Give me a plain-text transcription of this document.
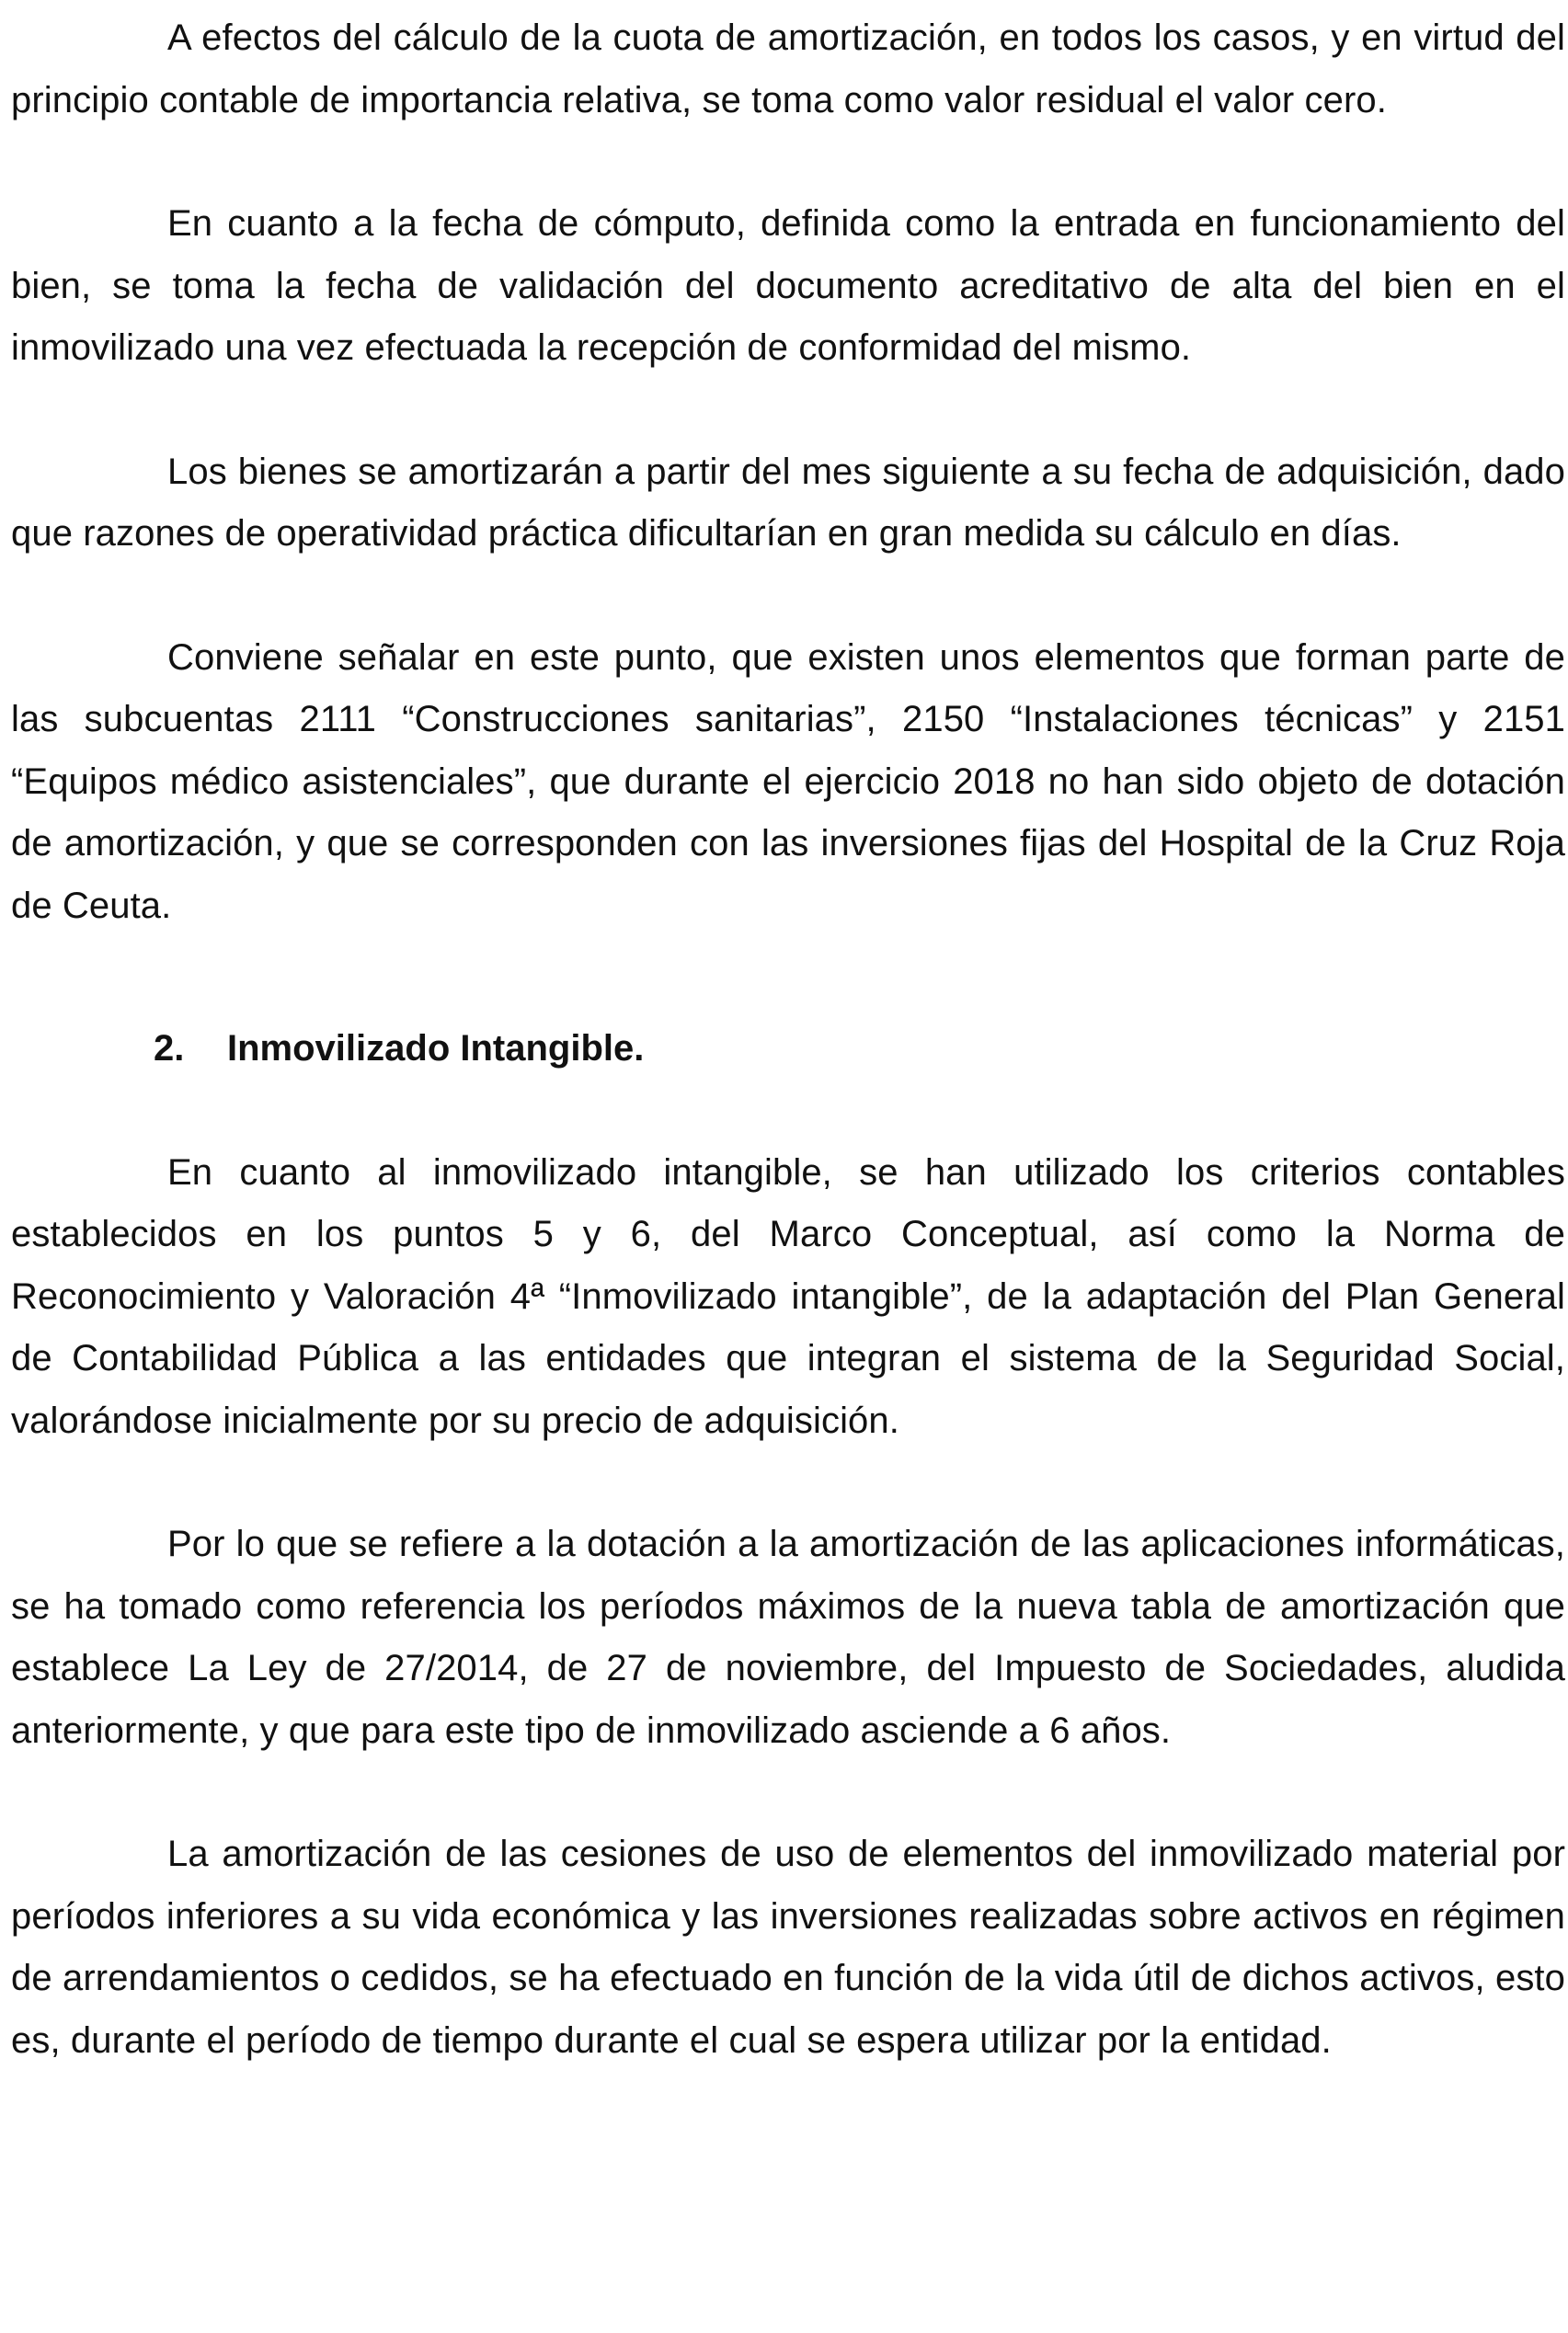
A efectos del cálculo de la cuota de amortización, en todos los casos, y en virtud del principio contable de importancia relativa, se toma como valor residual el valor cero.

En cuanto a la fecha de cómputo, definida como la entrada en funcionamiento del bien, se toma la fecha de validación del documento acreditativo de alta del bien en el inmovilizado una vez efectuada la recepción de conformidad del mismo.

Los bienes se amortizarán a partir del mes siguiente a su fecha de adquisición, dado que razones de operatividad práctica dificultarían en gran medida su cálculo en días.

Conviene señalar en este punto, que existen unos elementos que forman parte de las subcuentas 2111 “Construcciones sanitarias”, 2150 “Instalaciones técnicas” y 2151 “Equipos médico asistenciales”, que durante el ejercicio 2018 no han sido objeto de dotación de amortización, y que se corresponden con las inversiones fijas del Hospital de la Cruz Roja de Ceuta.

2.	Inmovilizado Intangible.

En cuanto al inmovilizado intangible, se han utilizado los criterios contables establecidos en los puntos 5 y 6, del Marco Conceptual, así como la Norma de Reconocimiento y Valoración 4ª “Inmovilizado intangible”, de la adaptación del Plan General de Contabilidad Pública a las entidades que integran el sistema de la Seguridad Social, valorándose inicialmente por su precio de adquisición.

Por lo que se refiere a la dotación a la amortización de las aplicaciones informáticas, se ha tomado como referencia los períodos máximos de la nueva tabla de amortización que establece La Ley de 27/2014, de 27 de noviembre, del Impuesto de Sociedades, aludida anteriormente, y que para este tipo de inmovilizado asciende a 6 años.

La amortización de las cesiones de uso de elementos del inmovilizado material por períodos inferiores a su vida económica y las inversiones realizadas sobre activos en régimen de arrendamientos o cedidos, se ha efectuado en función de la vida útil de dichos activos, esto es, durante el período de tiempo durante el cual se espera utilizar por la entidad.
